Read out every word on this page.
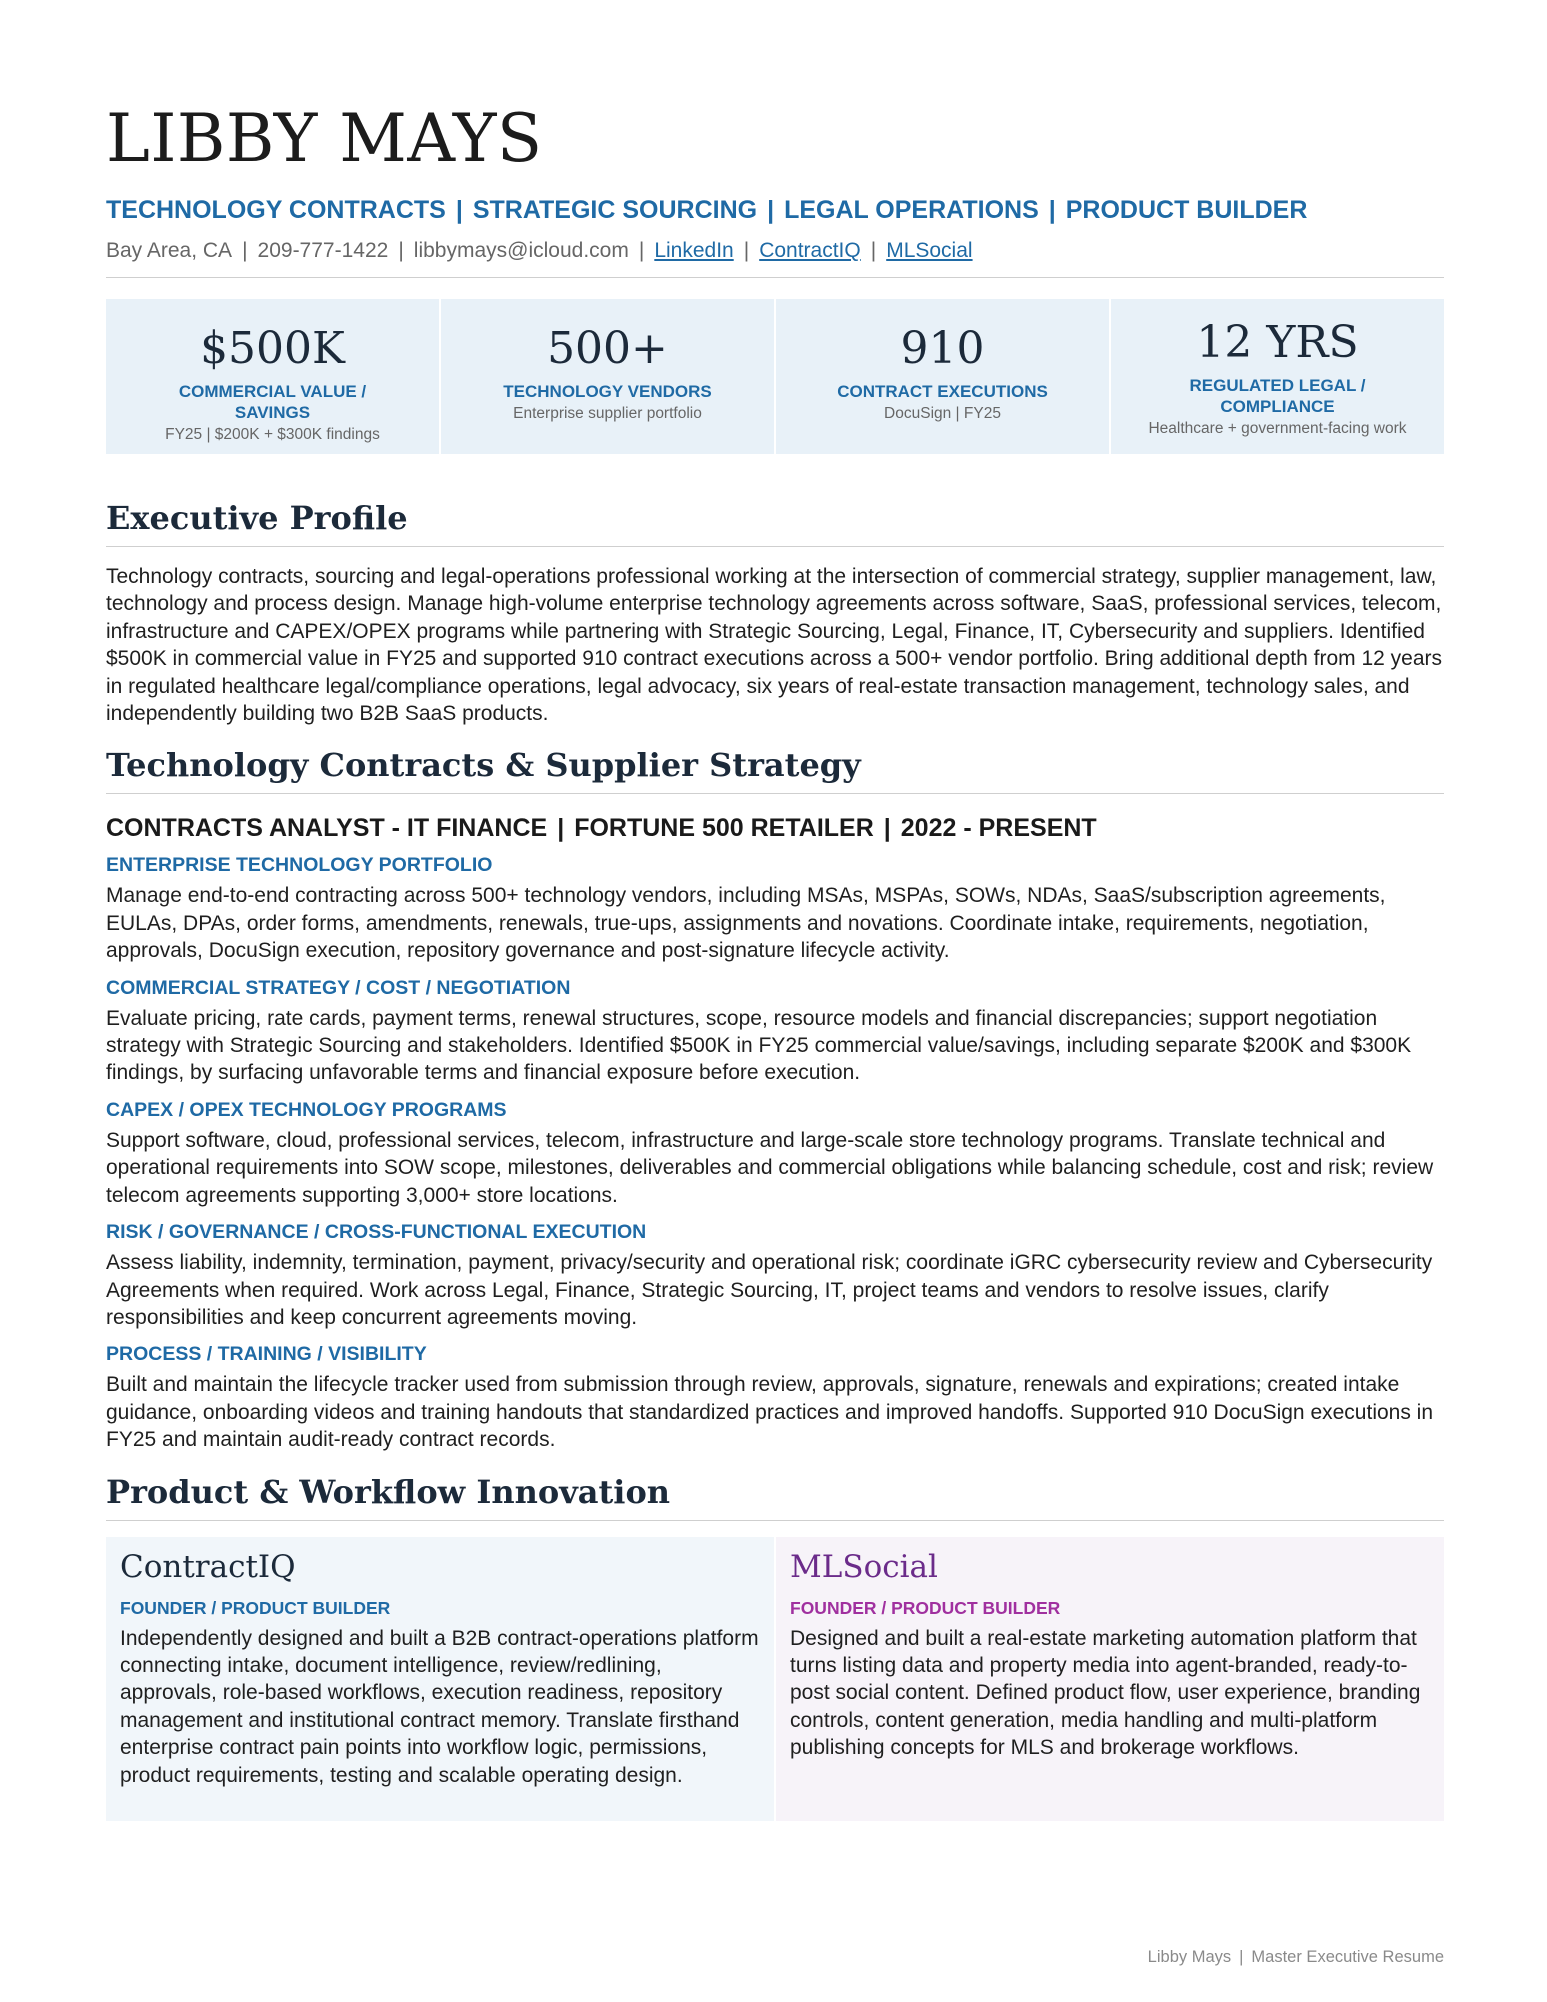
LIBBY MAYS
TECHNOLOGY CONTRACTS | STRATEGIC SOURCING | LEGAL OPERATIONS | PRODUCT BUILDER
Bay Area, CA | 209-777-1422 | libbymays@icloud.com | LinkedIn | ContractIQ | MLSocial
$500K
COMMERCIAL VALUE / SAVINGS
FY25 | $200K + $300K findings
500+
TECHNOLOGY VENDORS
Enterprise supplier portfolio
910
CONTRACT EXECUTIONS
DocuSign | FY25
12 YRS
REGULATED LEGAL / COMPLIANCE
Healthcare + government-facing work
Executive Profile

Technology contracts, sourcing and legal-operations professional working at the intersection of commercial strategy, supplier management, law, technology and process design. Manage high-volume enterprise technology agreements across software, SaaS, professional services, telecom, infrastructure and CAPEX/OPEX programs while partnering with Strategic Sourcing, Legal, Finance, IT, Cybersecurity and suppliers. Identified $500K in commercial value in FY25 and supported 910 contract executions across a 500+ vendor portfolio. Bring additional depth from 12 years in regulated healthcare legal/compliance operations, legal advocacy, six years of real-estate transaction management, technology sales, and independently building two B2B SaaS products.

Technology Contracts & Supplier Strategy
CONTRACTS ANALYST - IT FINANCE | FORTUNE 500 RETAILER | 2022 - PRESENT
ENTERPRISE TECHNOLOGY PORTFOLIO
Manage end-to-end contracting across 500+ technology vendors, including MSAs, MSPAs, SOWs, NDAs, SaaS/subscription agreements, EULAs, DPAs, order forms, amendments, renewals, true-ups, assignments and novations. Coordinate intake, requirements, negotiation, approvals, DocuSign execution, repository governance and post-signature lifecycle activity.
COMMERCIAL STRATEGY / COST / NEGOTIATION
Evaluate pricing, rate cards, payment terms, renewal structures, scope, resource models and financial discrepancies; support negotiation strategy with Strategic Sourcing and stakeholders. Identified $500K in FY25 commercial value/savings, including separate $200K and $300K findings, by surfacing unfavorable terms and financial exposure before execution.
CAPEX / OPEX TECHNOLOGY PROGRAMS
Support software, cloud, professional services, telecom, infrastructure and large-scale store technology programs. Translate technical and operational requirements into SOW scope, milestones, deliverables and commercial obligations while balancing schedule, cost and risk; review telecom agreements supporting 3,000+ store locations.
RISK / GOVERNANCE / CROSS-FUNCTIONAL EXECUTION
Assess liability, indemnity, termination, payment, privacy/security and operational risk; coordinate iGRC cybersecurity review and Cybersecurity Agreements when required. Work across Legal, Finance, Strategic Sourcing, IT, project teams and vendors to resolve issues, clarify responsibilities and keep concurrent agreements moving.
PROCESS / TRAINING / VISIBILITY
Built and maintain the lifecycle tracker used from submission through review, approvals, signature, renewals and expirations; created intake guidance, onboarding videos and training handouts that standardized practices and improved handoffs. Supported 910 DocuSign executions in FY25 and maintain audit-ready contract records.
Product & Workflow Innovation
ContractIQ
FOUNDER / PRODUCT BUILDER
Independently designed and built a B2B contract-operations platform connecting intake, document intelligence, review/redlining, approvals, role-based workflows, execution readiness, repository management and institutional contract memory. Translate firsthand enterprise contract pain points into workflow logic, permissions, product requirements, testing and scalable operating design.
MLSocial
FOUNDER / PRODUCT BUILDER
Designed and built a real-estate marketing automation platform that turns listing data and property media into agent-branded, ready-to-post social content. Defined product flow, user experience, branding controls, content generation, media handling and multi-platform publishing concepts for MLS and brokerage workflows.
Libby Mays | Master Executive Resume
